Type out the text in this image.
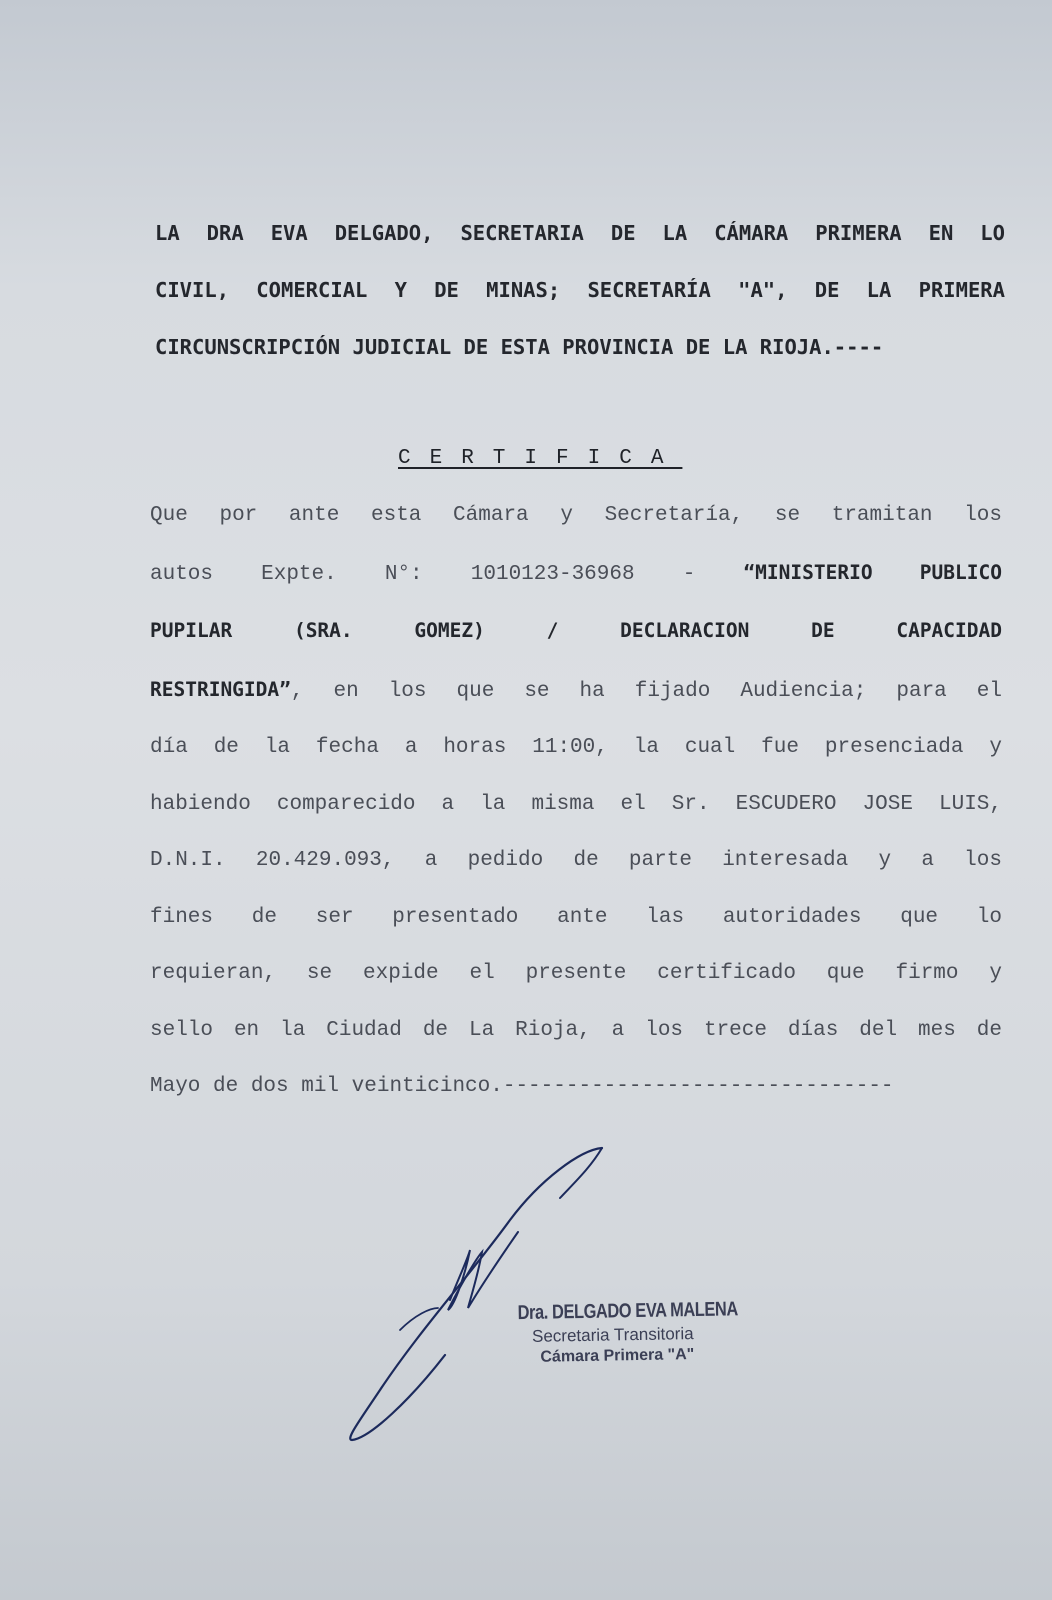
LA DRA EVA DELGADO, SECRETARIA DE LA CÁMARA PRIMERA EN LO
CIVIL, COMERCIAL Y DE MINAS; SECRETARÍA "A", DE LA PRIMERA
CIRCUNSCRIPCIÓN JUDICIAL DE ESTA PROVINCIA DE LA RIOJA.----
CERTIFICA
Que por ante esta Cámara y Secretaría, se tramitan los
autos Expte. N°: 1010123-36968 - “MINISTERIO PUBLICO
PUPILAR (SRA. GOMEZ) / DECLARACION DE CAPACIDAD
RESTRINGIDA”, en los que se ha fijado Audiencia; para el
día de la fecha a horas 11:00, la cual fue presenciada y
habiendo comparecido a la misma el Sr. ESCUDERO JOSE LUIS,
D.N.I. 20.429.093, a pedido de parte interesada y a los
fines de ser presentado ante las autoridades que lo
requieran, se expide el presente certificado que firmo y
sello en la Ciudad de La Rioja, a los trece días del mes de
Mayo de dos mil veinticinco.-------------------------------
Dra. DELGADO EVA MALENA
Secretaria Transitoria
Cámara Primera "A"
